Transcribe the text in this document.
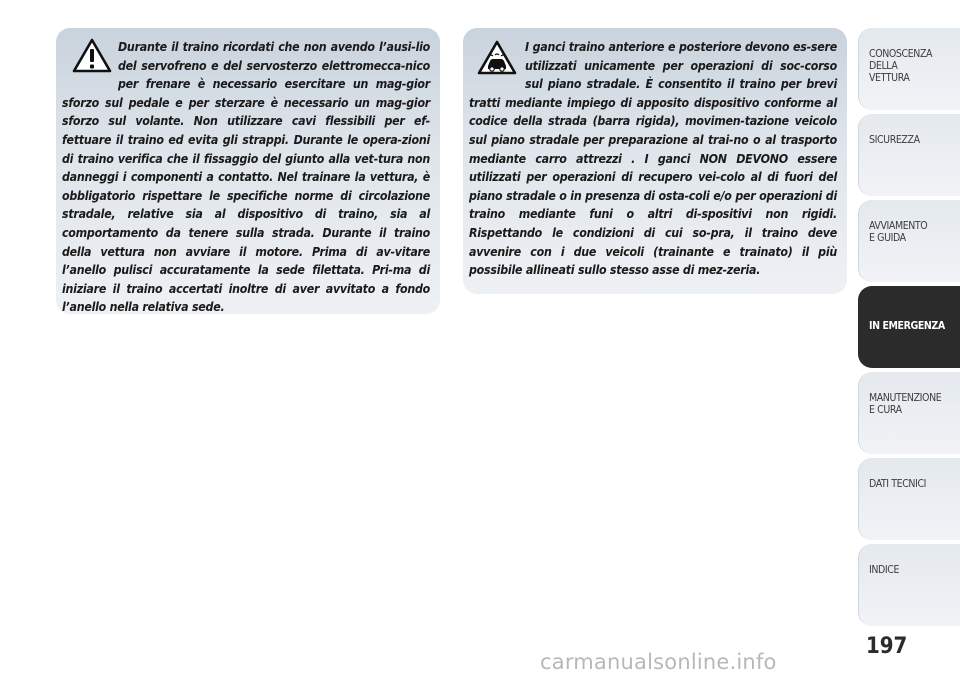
Durante il traino ricordati che non avendo l’ausi-lio del servofreno e del servosterzo elettromecca-nico per frenare è necessario esercitare un mag-gior sforzo sul pedale e per sterzare è necessario un mag-gior sforzo sul volante. Non utilizzare cavi flessibili per ef-fettuare il traino ed evita gli strappi. Durante le opera-zioni di traino verifica che il fissaggio del giunto alla vet-tura non danneggi i componenti a contatto. Nel trainare la vettura, è obbligatorio rispettare le specifiche norme di circolazione stradale, relative sia al dispositivo di traino, sia al comportamento da tenere sulla strada. Durante il traino della vettura non avviare il motore. Prima di av-vitare l’anello pulisci accuratamente la sede filettata. Pri-ma di iniziare il traino accertati inoltre di aver avvitato a fondo l’anello nella relativa sede.

I ganci traino anteriore e posteriore devono es-sere utilizzati unicamente per operazioni di soc-corso sul piano stradale. È consentito il traino per brevi tratti mediante impiego di apposito dispositivo conforme al codice della strada (barra rigida), movimen-tazione veicolo sul piano stradale per preparazione al trai-no o al trasporto mediante carro attrezzi . I ganci NON DEVONO essere utilizzati per operazioni di recupero vei-colo al di fuori del piano stradale o in presenza di osta-coli e/o per operazioni di traino mediante funi o altri di-spositivi non rigidi. Rispettando le condizioni di cui so-pra, il traino deve avvenire con i due veicoli (trainante e trainato) il più possibile allineati sullo stesso asse di mez-zeria.

CONOSCENZA
DELLA
VETTURA
SICUREZZA
AVVIAMENTO
E GUIDA
IN EMERGENZA
MANUTENZIONE
E CURA
DATI TECNICI
INDICE
197
carmanualsonline.info
